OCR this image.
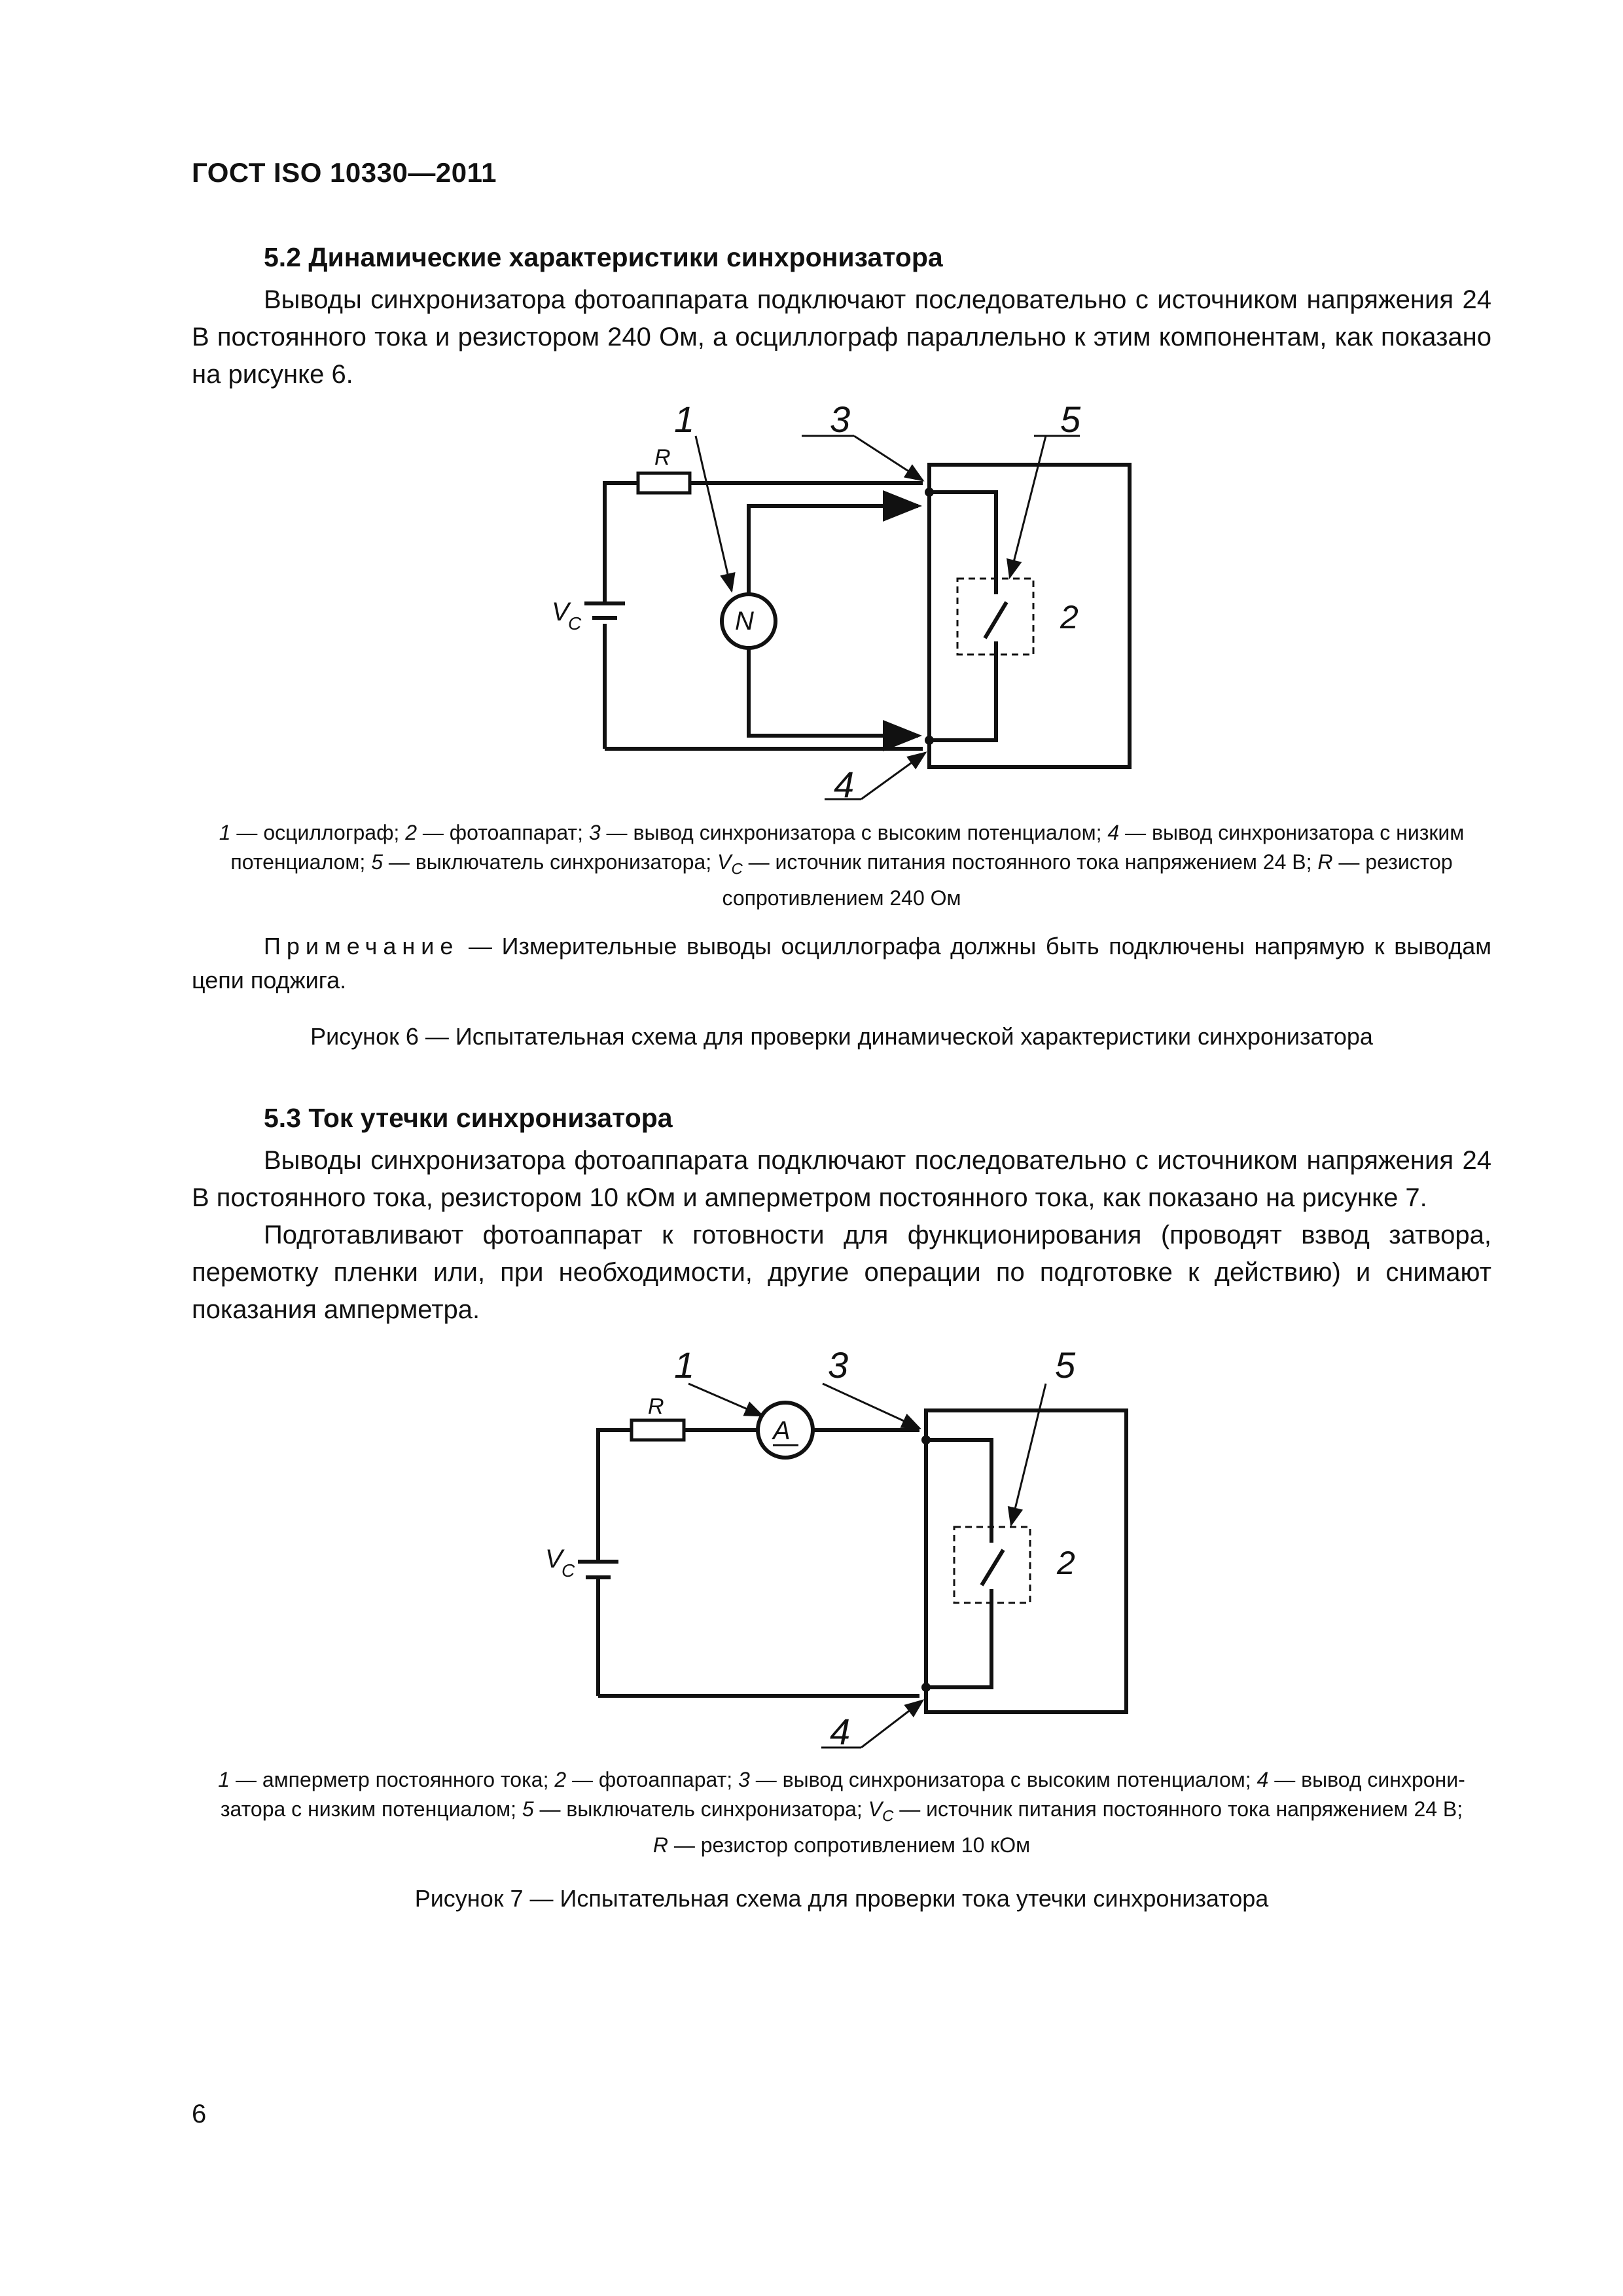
ГОСТ ISO 10330—2011
5.2 Динамические характеристики синхронизатора
Выводы синхронизатора фотоаппарата подключают последовательно с источником напряжения 24 В постоянного тока и резистором 240 Ом, а осциллограф параллельно к этим компонентам, как показано на рисунке 6.
1	3	5
4
2
R
N
V
C
1 — осциллограф; 2 — фотоаппарат; 3 — вывод синхронизатора с высоким потенциалом; 4 — вывод синхронизатора с низким
потенциалом; 5 — выключатель синхронизатора; $V_C$ — источник питания постоянного тока напряжением 24 В; R — резистор
сопротивлением 240 Ом
Примечание — Измерительные выводы осциллографа должны быть подключены напрямую к выводам цепи поджига.
Рисунок 6 — Испытательная схема для проверки динамической характеристики синхронизатора
5.3 Ток утечки синхронизатора
Выводы синхронизатора фотоаппарата подключают последовательно с источником напряжения 24 В постоянного тока, резистором 10 кОм и амперметром постоянного тока, как показано на рисунке 7.
Подготавливают фотоаппарат к готовности для функционирования (проводят взвод затвора, перемотку пленки или, при необходимости, другие операции по подготовке к действию) и снимают показания амперметра.
1	3	5
4
2
R
A
V
C
1 — амперметр постоянного тока; 2 — фотоаппарат; 3 — вывод синхронизатора с высоким потенциалом; 4 — вывод синхрони-
затора с низким потенциалом; 5 — выключатель синхронизатора; $V_C$ — источник питания постоянного тока напряжением 24 В;
R — резистор сопротивлением 10 кОм
Рисунок 7 — Испытательная схема для проверки тока утечки синхронизатора
6
